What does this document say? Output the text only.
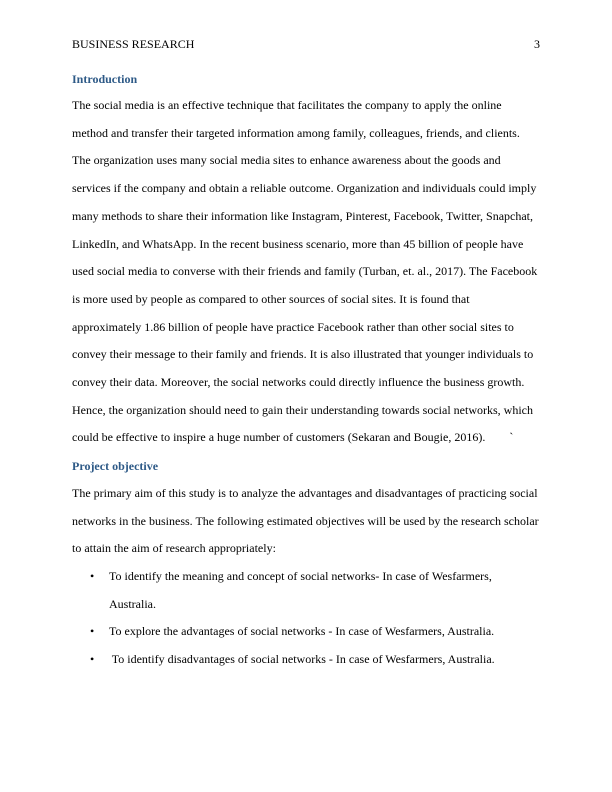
BUSINESS RESEARCH	3
Introduction
The social media is an effective technique that facilitates the company to apply the online
method and transfer their targeted information among family, colleagues, friends, and clients.
The organization uses many social media sites to enhance awareness about the goods and
services if the company and obtain a reliable outcome. Organization and individuals could imply
many methods to share their information like Instagram, Pinterest, Facebook, Twitter, Snapchat,
LinkedIn, and WhatsApp. In the recent business scenario, more than 45 billion of people have
used social media to converse with their friends and family (Turban, et. al., 2017). The Facebook
is more used by people as compared to other sources of social sites. It is found that
approximately 1.86 billion of people have practice Facebook rather than other social sites to
convey their message to their family and friends. It is also illustrated that younger individuals to
convey their data. Moreover, the social networks could directly influence the business growth.
Hence, the organization should need to gain their understanding towards social networks, which
could be effective to inspire a huge number of customers (Sekaran and Bougie, 2016).        `
Project objective
The primary aim of this study is to analyze the advantages and disadvantages of practicing social
networks in the business. The following estimated objectives will be used by the research scholar
to attain the aim of research appropriately:
• To identify the meaning and concept of social networks- In case of Wesfarmers,
Australia.
• To explore the advantages of social networks - In case of Wesfarmers, Australia.
• To identify disadvantages of social networks - In case of Wesfarmers, Australia.
